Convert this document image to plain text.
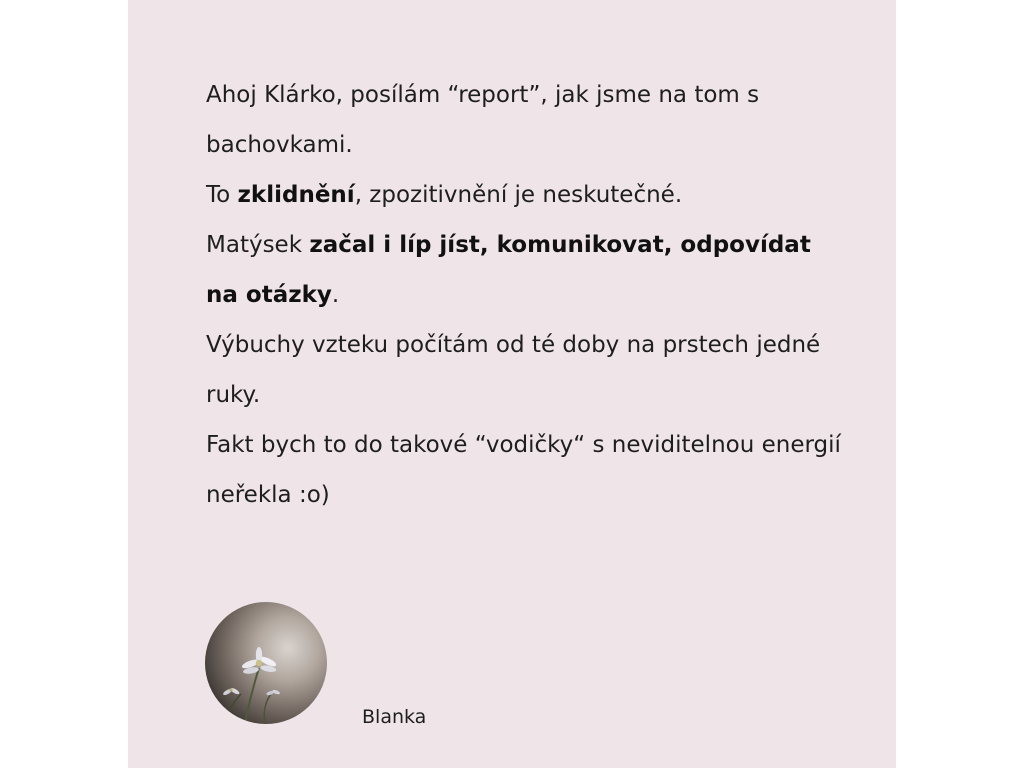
Ahoj Klárko, posílám “report”, jak jsme na tom s bachovkami.

To zklidnění, zpozitivnění je neskutečné.

Matýsek začal i líp jíst, komunikovat, odpovídat na otázky.

Výbuchy vzteku počítám od té doby na prstech jedné ruky.

Fakt bych to do takové “vodičky“ s neviditelnou energií neřekla :o)

Blanka
